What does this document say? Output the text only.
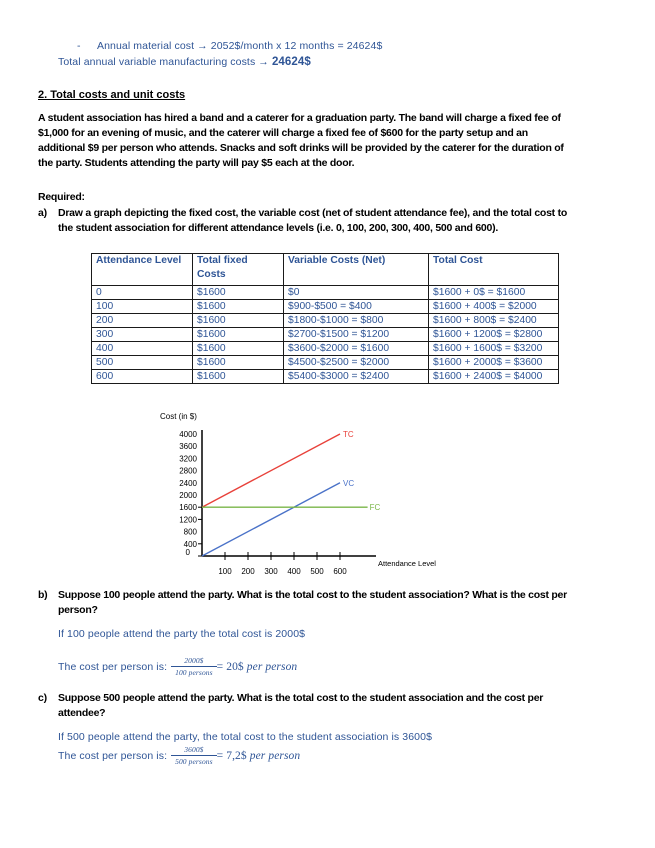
- Annual material cost → 2052$/month x 12 months = 24624$
Total annual variable manufacturing costs → 24624$
2. Total costs and unit costs
A student association has hired a band and a caterer for a graduation party. The band will charge a fixed fee of
$1,000 for an evening of music, and the caterer will charge a fixed fee of $600 for the party setup and an
additional $9 per person who attends. Snacks and soft drinks will be provided by the caterer for the duration of
the party. Students attending the party will pay $5 each at the door.
Required:
a) Draw a graph depicting the fixed cost, the variable cost (net of student attendance fee), and the total cost to
the student association for different attendance levels (i.e. 0, 100, 200, 300, 400, 500 and 600).
Attendance Level	Total fixed Costs	Variable Costs (Net)	Total Cost
0	$1600	$0	$1600 + 0$ = $1600
100	$1600	$900-$500 = $400	$1600 + 400$ = $2000
200	$1600	$1800-$1000 = $800	$1600 + 800$ = $2400
300	$1600	$2700-$1500 = $1200	$1600 + 1200$ = $2800
400	$1600	$3600-$2000 = $1600	$1600 + 1600$ = $3200
500	$1600	$4500-$2500 = $2000	$1600 + 2000$ = $3600
600	$1600	$5400-$3000 = $2400	$1600 + 2400$ = $4000
Cost (in $)
4000
3600
3200
2800
2400
2000
1600
1200
800
400
0
100 200 300 400 500 600
TC
VC
FC
Attendance Level
b) Suppose 100 people attend the party. What is the total cost to the student association? What is the cost per
person?
If 100 people attend the party the total cost is 2000$
The cost per person is: $\frac{2000\$}{\text{100 persons}}$ = 20$ per person
c) Suppose 500 people attend the party. What is the total cost to the student association and the cost per
attendee?
If 500 people attend the party, the total cost to the student association is 3600$
The cost per person is: $\frac{3600\$}{\text{500 persons}}$ = 7,2$ per person
